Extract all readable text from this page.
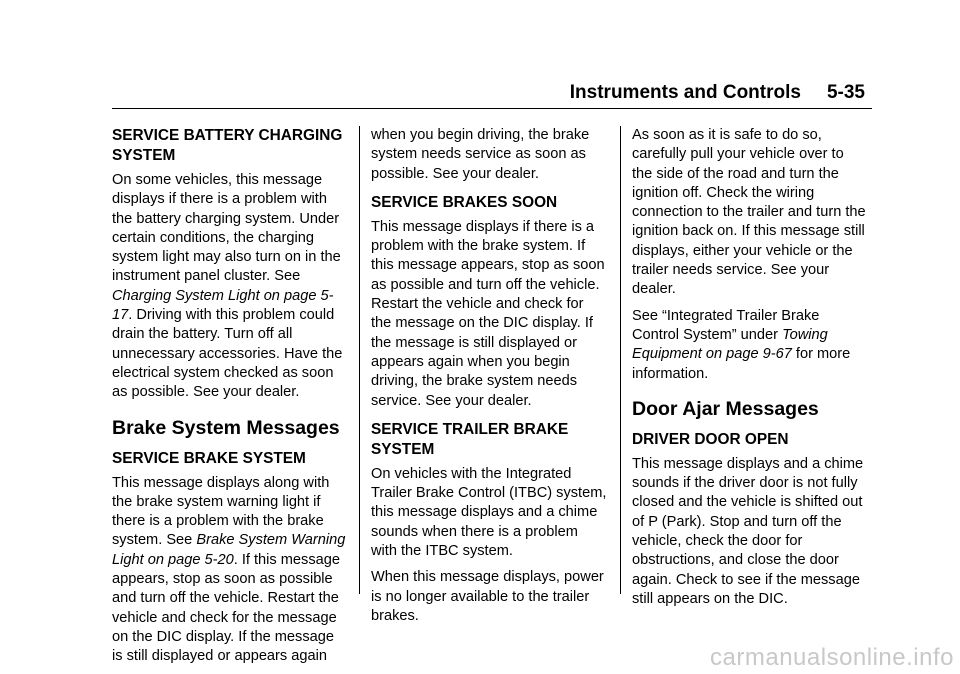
Instruments and Controls 5-35
SERVICE BATTERY CHARGING SYSTEM

On some vehicles, this message displays if there is a problem with the battery charging system. Under certain conditions, the charging system light may also turn on in the instrument panel cluster. See Charging System Light on page 5-17. Driving with this problem could drain the battery. Turn off all unnecessary accessories. Have the electrical system checked as soon as possible. See your dealer.

Brake System Messages
SERVICE BRAKE SYSTEM

This message displays along with the brake system warning light if there is a problem with the brake system. See Brake System Warning Light on page 5-20. If this message appears, stop as soon as possible and turn off the vehicle. Restart the vehicle and check for the message on the DIC display. If the message is still displayed or appears again

when you begin driving, the brake system needs service as soon as possible. See your dealer.

SERVICE BRAKES SOON

This message displays if there is a problem with the brake system. If this message appears, stop as soon as possible and turn off the vehicle. Restart the vehicle and check for the message on the DIC display. If the message is still displayed or appears again when you begin driving, the brake system needs service. See your dealer.

SERVICE TRAILER BRAKE SYSTEM

On vehicles with the Integrated Trailer Brake Control (ITBC) system, this message displays and a chime sounds when there is a problem with the ITBC system.

When this message displays, power is no longer available to the trailer brakes.

As soon as it is safe to do so, carefully pull your vehicle over to the side of the road and turn the ignition off. Check the wiring connection to the trailer and turn the ignition back on. If this message still displays, either your vehicle or the trailer needs service. See your dealer.

See “Integrated Trailer Brake Control System” under Towing Equipment on page 9-67 for more information.

Door Ajar Messages
DRIVER DOOR OPEN

This message displays and a chime sounds if the driver door is not fully closed and the vehicle is shifted out of P (Park). Stop and turn off the vehicle, check the door for obstructions, and close the door again. Check to see if the message still appears on the DIC.

carmanualsonline.info
